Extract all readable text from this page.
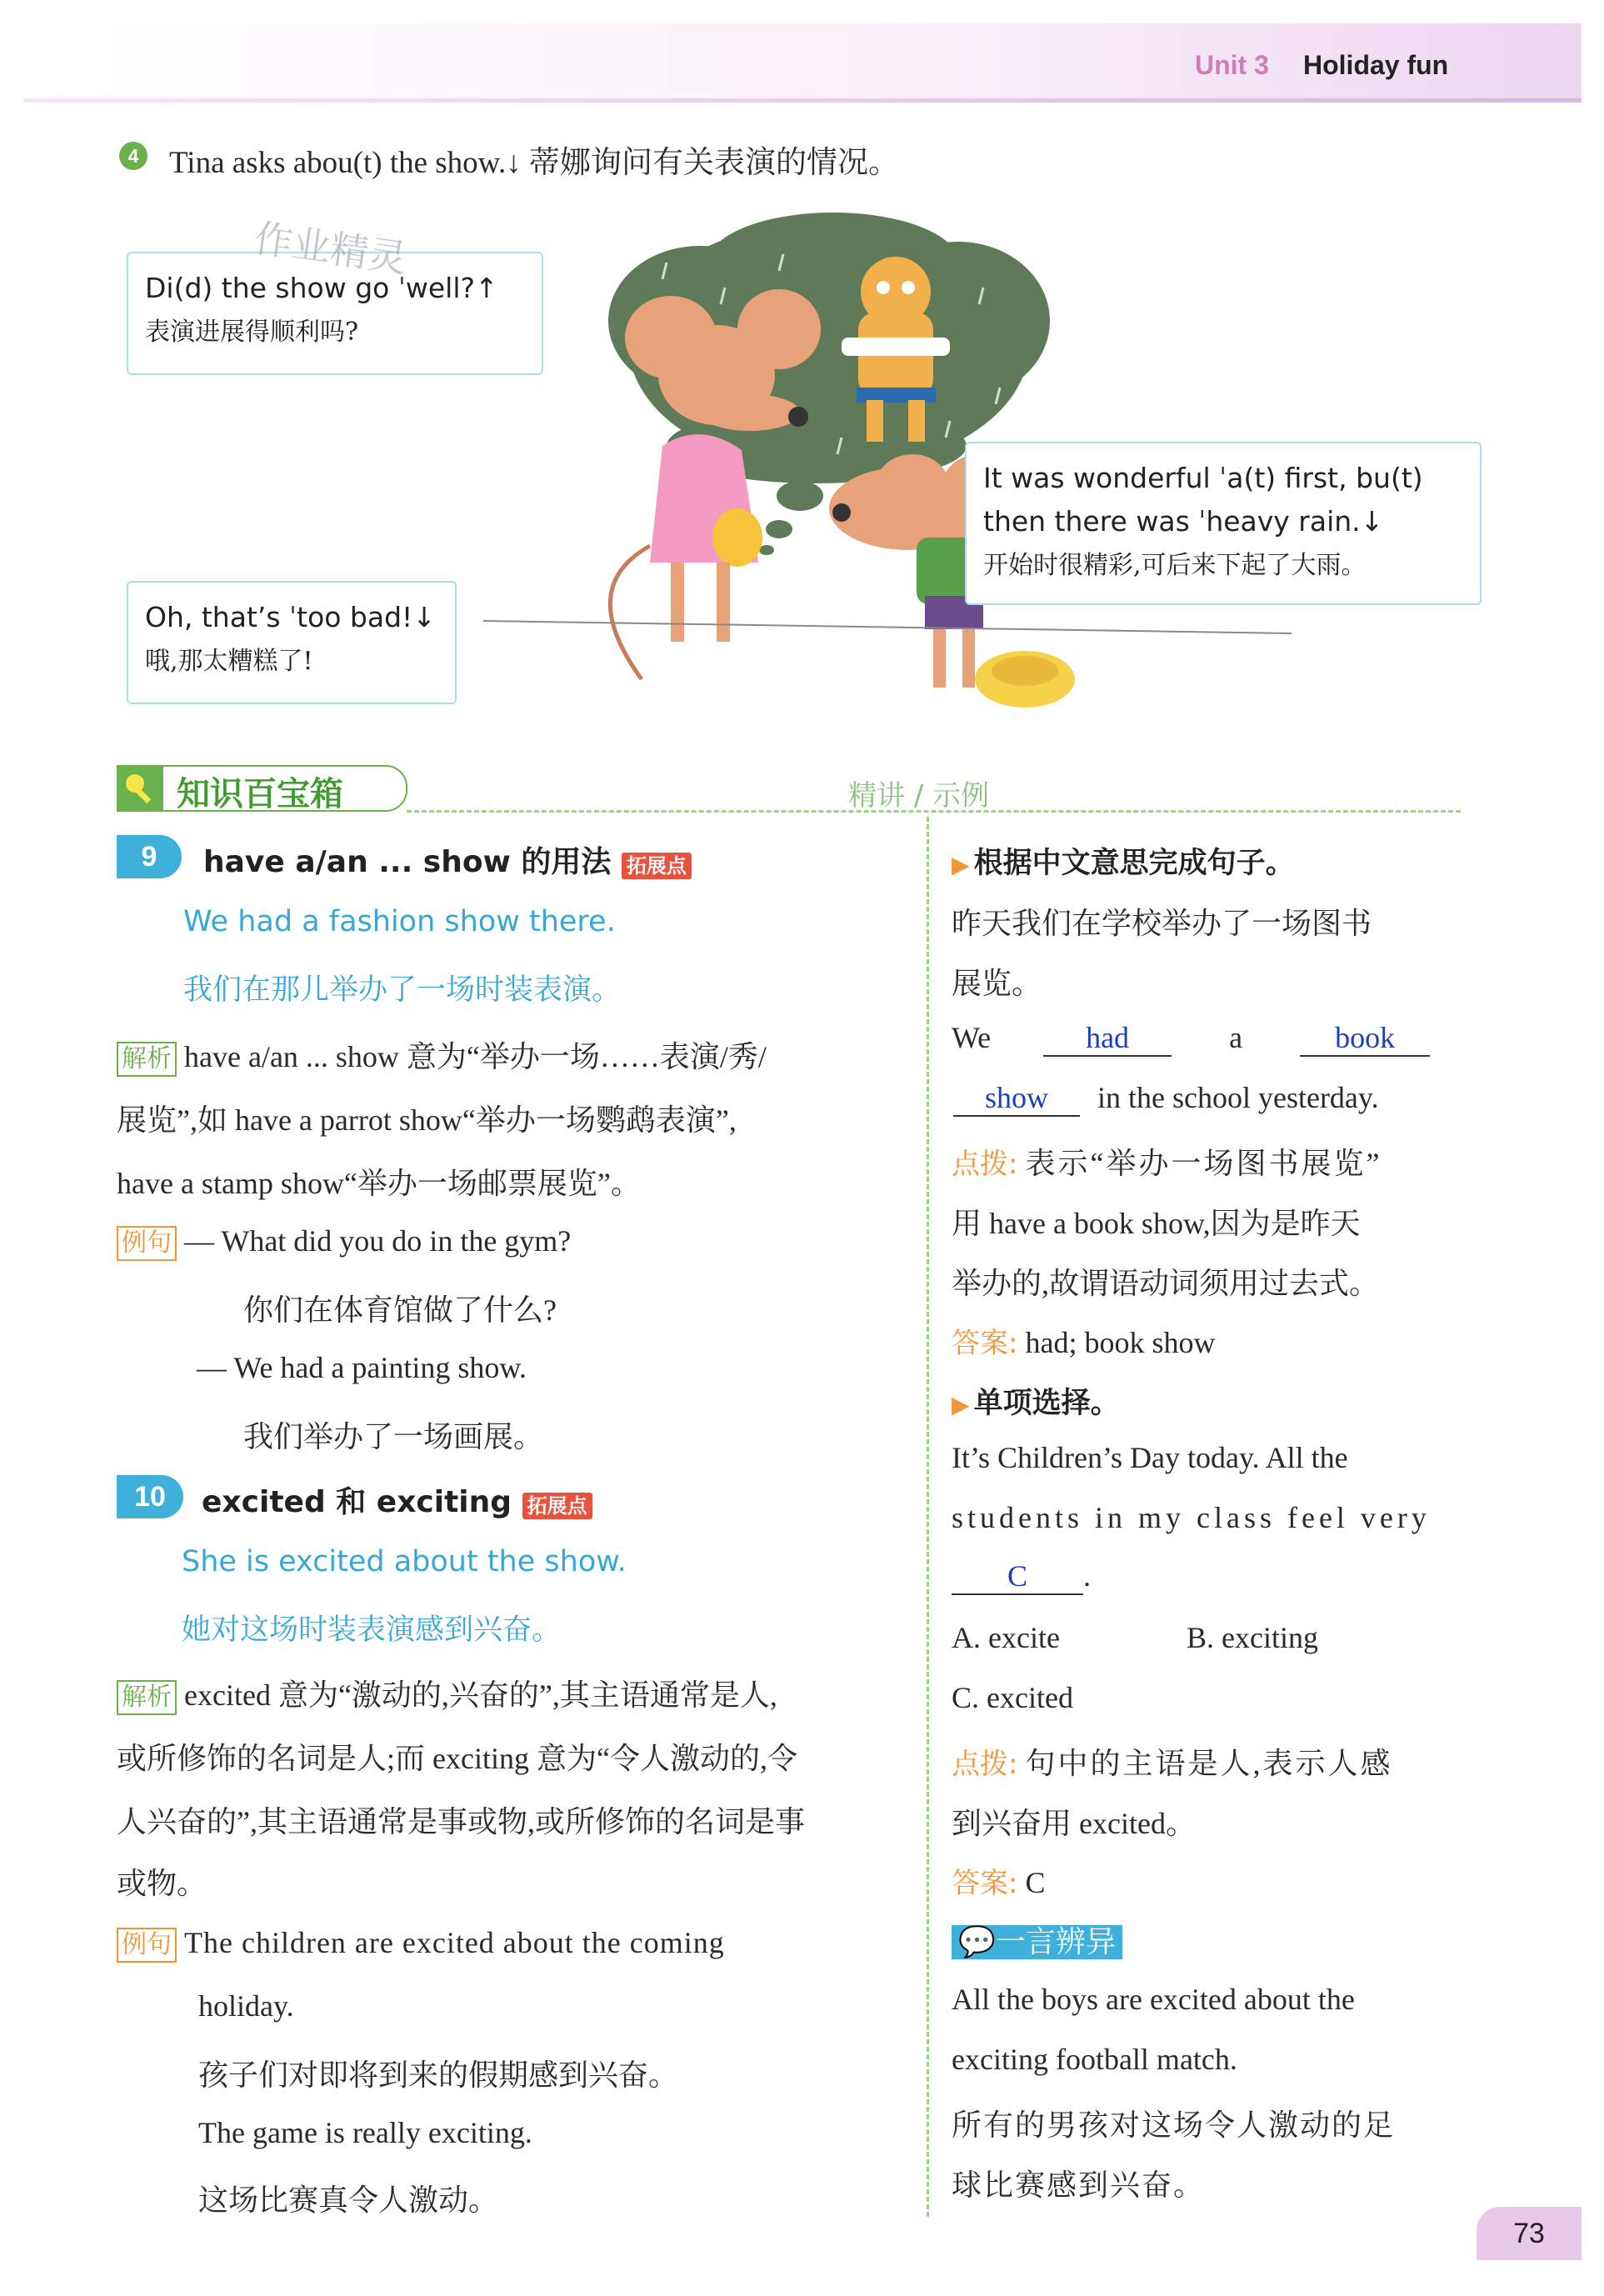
Unit 3 Holiday fun
4 Tina asks abou(t) the show.↓ 蒂娜询问有关表演的情况。
Di(d) the show go ˈwell?↑
表演进展得顺利吗?
作业精灵
It was wonderful ˈa(t) first, bu(t)
then there was ˈheavy rain.↓
开始时很精彩,可后来下起了大雨。
Oh, that’s ˈtoo bad!↓
哦,那太糟糕了!
知识百宝箱	精讲 / 示例
9	have a/an ... show 的用法 拓展点
We had a fashion show there.
我们在那儿举办了一场时装表演。
解析 have a/an ... show 意为“举办一场……表演/秀/
展览”,如 have a parrot show“举办一场鹦鹉表演”,
have a stamp show“举办一场邮票展览”。
例句 — What did you do in the gym?
你们在体育馆做了什么?
— We had a painting show.
我们举办了一场画展。
10	excited 和 exciting 拓展点
She is excited about the show.
她对这场时装表演感到兴奋。
解析 excited 意为“激动的,兴奋的”,其主语通常是人,
或所修饰的名词是人;而 exciting 意为“令人激动的,令
人兴奋的”,其主语通常是事或物,或所修饰的名词是事
或物。
例句 The children are excited about the coming
holiday.
孩子们对即将到来的假期感到兴奋。
The game is really exciting.
这场比赛真令人激动。
▶ 根据中文意思完成句子。
昨天我们在学校举办了一场图书
展览。
We	had	a	book
show in the school yesterday.
点拨: 表示“举办一场图书展览”
用 have a book show,因为是昨天
举办的,故谓语动词须用过去式。
答案: had; book show
▶ 单项选择。
It’s Children’s Day today. All the
students in my class feel very
C .
A. excite	B. exciting
C. excited
点拨: 句中的主语是人,表示人感
到兴奋用 excited。
答案: C
💬一言辨异
All the boys are excited about the
exciting football match.
所有的男孩对这场令人激动的足
球比赛感到兴奋。
73
